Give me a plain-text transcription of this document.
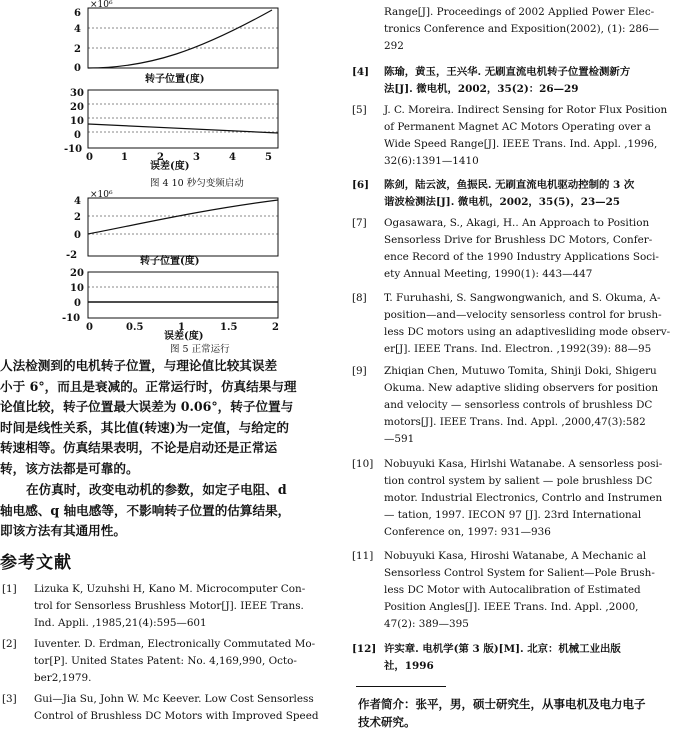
×10⁶
6
4
2
0
转子位置(度)
30
20
10
0
-10
0	1	2	3	4	5
误差(度)
图 4 10 秒匀变频启动
×10⁶
4
2
0
-2
转子位置(度)
20
10
0
-10
0	0.5	1	1.5	2
误差(度)
图 5 正常运行
人法检测到的电机转子位置，与理论值比较其误差
小于 6°，而且是衰减的。正常运行时，仿真结果与理
论值比较，转子位置最大误差为 0.06°，转子位置与
时间是线性关系，其比值(转速)为一定值，与给定的
转速相等。仿真结果表明，不论是启动还是正常运
转，该方法都是可靠的。
在仿真时，改变电动机的参数，如定子电阻、d
轴电感、q 轴电感等，不影响转子位置的估算结果，
即该方法有其通用性。
参考文献
[1] Lizuka K, Uzuhshi H, Kano M. Microcomputer Con-
trol for Sensorless Brushless Motor[J]. IEEE Trans.
Ind. Appli. ,1985,21(4):595—601
[2] Iuventer. D. Erdman, Electronically Commutated Mo-
tor[P]. United States Patent: No. 4,169,990, Octo-
ber2,1979.
[3] Gui—Jia Su, John W. Mc Keever. Low Cost Sensorless
Control of Brushless DC Motors with Improved Speed
Range[J]. Proceedings of 2002 Applied Power Elec-
tronics Conference and Exposition(2002), (1): 286—
292
[4] 陈瑜，黄玉，王兴华. 无刷直流电机转子位置检测新方
法[J]. 微电机，2002，35(2)：26—29
[5] J. C. Moreira. Indirect Sensing for Rotor Flux Position
of Permanent Magnet AC Motors Operating over a
Wide Speed Range[J]. IEEE Trans. Ind. Appl. ,1996,
32(6):1391—1410
[6] 陈剑，陆云波，鱼振民. 无刷直流电机驱动控制的 3 次
谐波检测法[J]. 微电机，2002，35(5)，23—25
[7] Ogasawara, S., Akagi, H.. An Approach to Position
Sensorless Drive for Brushless DC Motors, Confer-
ence Record of the 1990 Industry Applications Soci-
ety Annual Meeting, 1990(1): 443—447
[8] T. Furuhashi, S. Sangwongwanich, and S. Okuma, A-
position—and—velocity sensorless control for brush-
less DC motors using an adaptivesliding mode observ-
er[J]. IEEE Trans. Ind. Electron. ,1992(39): 88—95
[9] Zhiqian Chen, Mutuwo Tomita, Shinji Doki, Shigeru
Okuma. New adaptive sliding observers for position
and velocity — sensorless controls of brushless DC
motors[J]. IEEE Trans. Ind. Appl. ,2000,47(3):582
—591
[10] Nobuyuki Kasa, Hirlshi Watanabe. A sensorless posi-
tion control system by salient — pole brushless DC
motor. Industrial Electronics, Contrlo and Instrumen
— tation, 1997. IECON 97 [J]. 23rd International
Conference on, 1997: 931—936
[11] Nobuyuki Kasa, Hiroshi Watanabe, A Mechanic al
Sensorless Control System for Salient—Pole Brush-
less DC Motor with Autocalibration of Estimated
Position Angles[J]. IEEE Trans. Ind. Appl. ,2000,
47(2): 389—395
[12] 许实章. 电机学(第 3 版)[M]. 北京：机械工业出版
社，1996
作者简介：张平，男，硕士研究生，从事电机及电力电子
技术研究。
